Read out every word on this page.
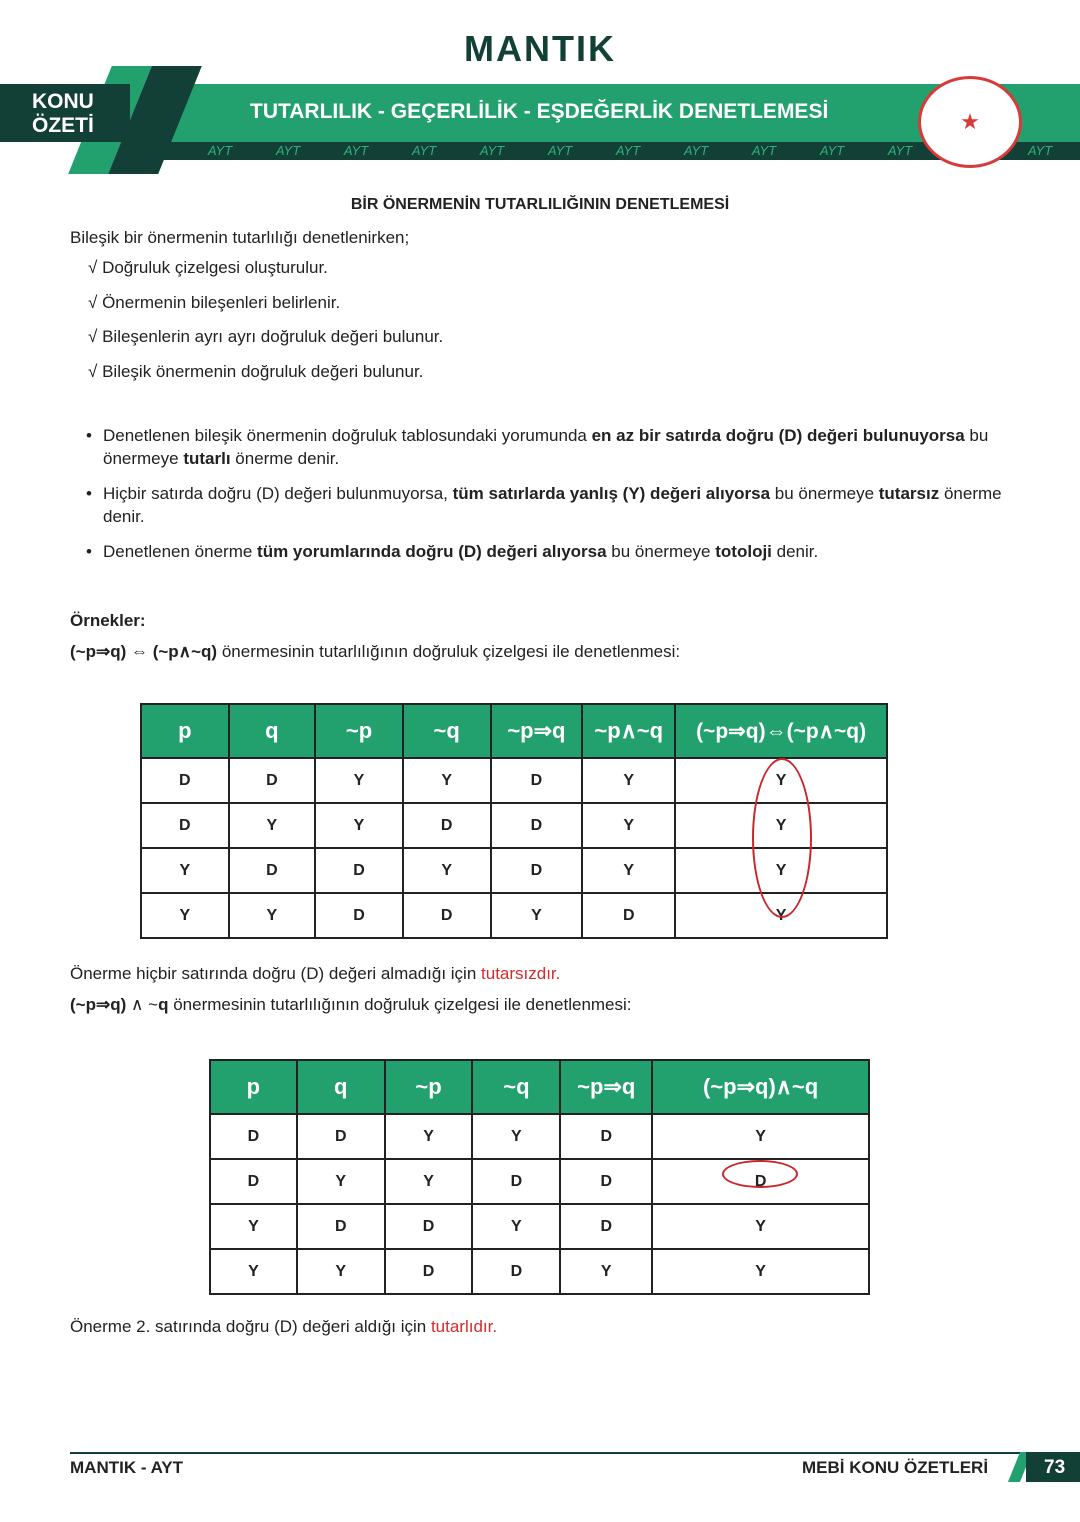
MANTIK
AYT	AYT	AYT	AYT	AYT	AYT	AYT	AYT	AYT	AYT	AYT	AYT
KONU
ÖZETİ
TUTARLILIK - GEÇERLİLİK - EŞDEĞERLİK DENETLEMESİ	★
BİR ÖNERMENİN TUTARLILIĞININ DENETLEMESİ
Bileşik bir önermenin tutarlılığı denetlenirken;
√ Doğruluk çizelgesi oluşturulur.
√ Önermenin bileşenleri belirlenir.
√ Bileşenlerin ayrı ayrı doğruluk değeri bulunur.
√ Bileşik önermenin doğruluk değeri bulunur.
• Denetlenen bileşik önermenin doğruluk tablosundaki yorumunda en az bir satırda doğru (D) değeri bulunuyorsa bu önermeye tutarlı önerme denir.
• Hiçbir satırda doğru (D) değeri bulunmuyorsa, tüm satırlarda yanlış (Y) değeri alıyorsa bu önermeye tutarsız önerme denir.
• Denetlenen önerme tüm yorumlarında doğru (D) değeri alıyorsa bu önermeye totoloji denir.
Örnekler:
(~p⇒q) ⇔ (~p∧~q) önermesinin tutarlılığının doğruluk çizelgesi ile denetlenmesi:
p	q	~p	~q	~p⇒q	~p∧~q	(~p⇒q)⇔(~p∧~q)
D	D	Y	Y	D	Y	Y
D	Y	Y	D	D	Y	Y
Y	D	D	Y	D	Y	Y
Y	Y	D	D	Y	D	Y
Önerme hiçbir satırında doğru (D) değeri almadığı için tutarsızdır.
(~p⇒q) ∧ ~q önermesinin tutarlılığının doğruluk çizelgesi ile denetlenmesi:
p	q	~p	~q	~p⇒q	(~p⇒q)∧~q
D	D	Y	Y	D	Y
D	Y	Y	D	D	D
Y	D	D	Y	D	Y
Y	Y	D	D	Y	Y
Önerme 2. satırında doğru (D) değeri aldığı için tutarlıdır.
MANTIK - AYT	MEBİ KONU ÖZETLERİ	73
